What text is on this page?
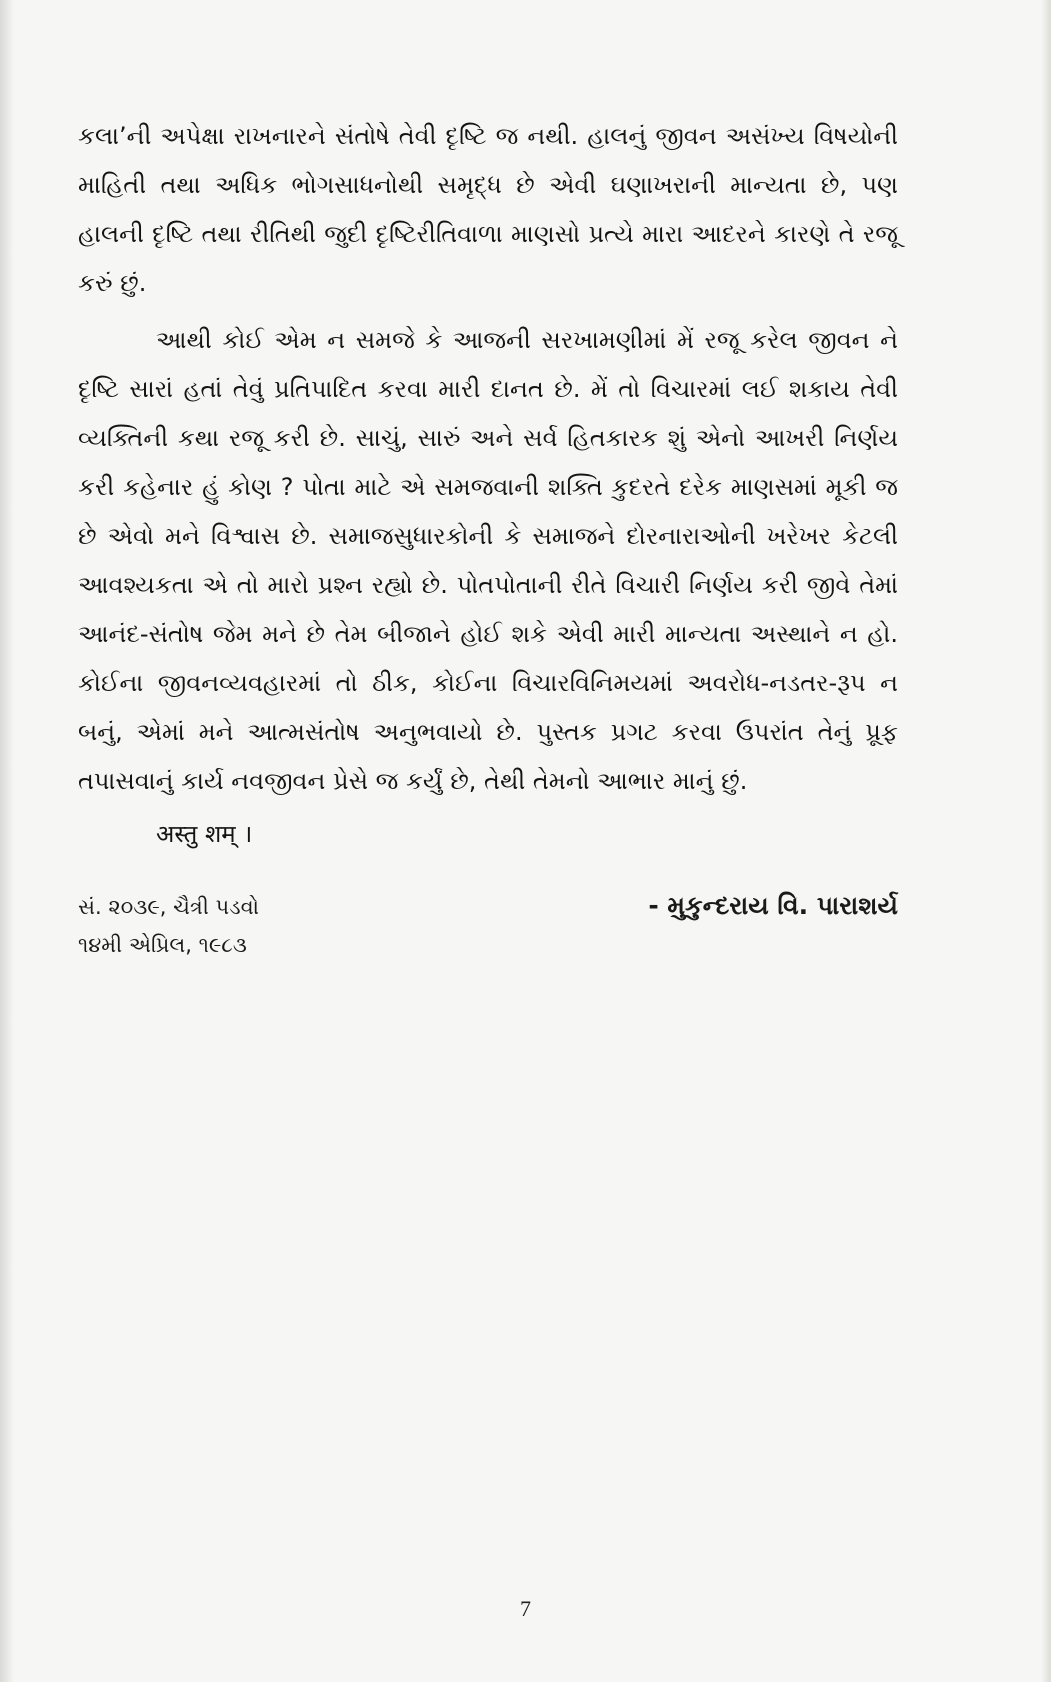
કલા’ની અપેક્ષા રાખનારને સંતોષે તેવી દૃષ્ટિ જ નથી. હાલનું જીવન અસંખ્ય વિષયોની માહિતી તથા અધિક ભોગસાધનોથી સમૃદ્ધ છે એવી ઘણાખરાની માન્યતા છે, પણ હાલની દૃષ્ટિ તથા રીતિથી જુદી દૃષ્ટિરીતિવાળા માણસો પ્રત્યે મારા આદરને કારણે તે રજૂ કરું છું.

આથી કોઈ એમ ન સમજે કે આજની સરખામણીમાં મેં રજૂ કરેલ જીવન ને દૃષ્ટિ સારાં હતાં તેવું પ્રતિપાદિત કરવા મારી દાનત છે. મેં તો વિચારમાં લઈ શકાય તેવી વ્યક્તિની કથા રજૂ કરી છે. સાચું, સારું અને સર્વ હિતકારક શું એનો આખરી નિર્ણય કરી કહેનાર હું કોણ ? પોતા માટે એ સમજવાની શક્તિ કુદરતે દરેક માણસમાં મૂકી જ છે એવો મને વિશ્વાસ છે. સમાજસુધારકોની કે સમાજને દોરનારાઓની ખરેખર કેટલી આવશ્યકતા એ તો મારો પ્રશ્ન રહ્યો છે. પોતપોતાની રીતે વિચારી નિર્ણય કરી જીવે તેમાં આનંદ-સંતોષ જેમ મને છે તેમ બીજાને હોઈ શકે એવી મારી માન્યતા અસ્થાને ન હો. કોઈના જીવનવ્યવહારમાં તો ઠીક, કોઈના વિચારવિનિમયમાં અવરોધ-નડતર-રૂપ ન બનું, એમાં મને આત્મસંતોષ અનુભવાયો છે. પુસ્તક પ્રગટ કરવા ઉપરાંત તેનું પ્રૂફ તપાસવાનું કાર્ય નવજીવન પ્રેસે જ કર્યું છે, તેથી તેમનો આભાર માનું છું.

अस्तु शम् ।
સં. ૨૦૩૯, ચૈત્રી પડવો
૧૪મી એપ્રિલ, ૧૯૮૩
- મુકુન્દરાય વિ. પારાશર્ય
7
